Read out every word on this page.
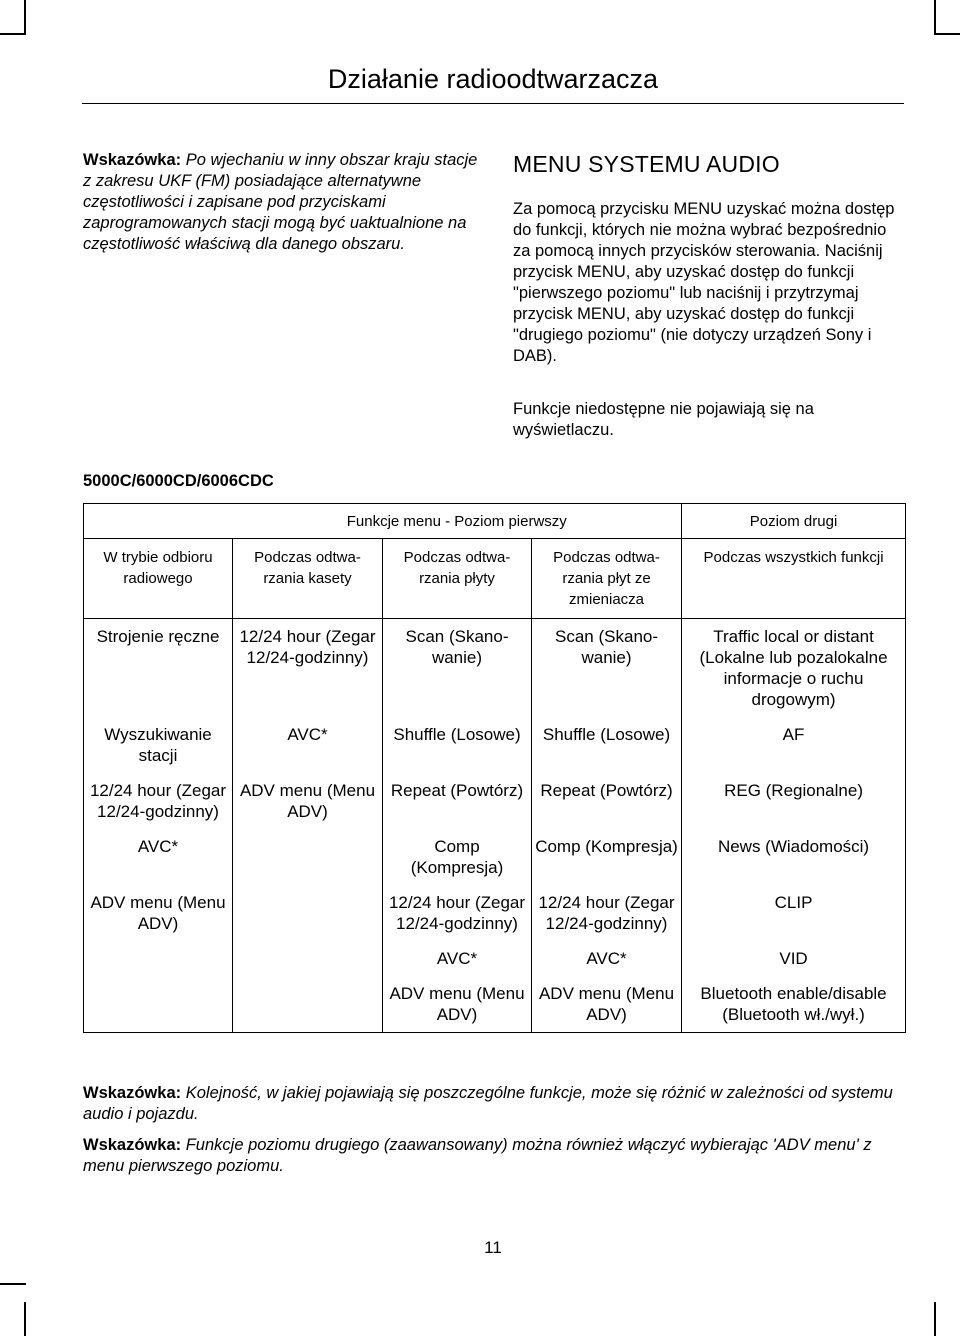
Działanie radioodtwarzacza
Wskazówka: Po wjechaniu w inny obszar kraju stacje z zakresu UKF (FM) posiadające alternatywne częstotliwości i zapisane pod przyciskami zaprogramowanych stacji mogą być uaktualnione na częstotliwość właściwą dla danego obszaru.
MENU SYSTEMU AUDIO
Za pomocą przycisku MENU uzyskać można dostęp do funkcji, których nie można wybrać bezpośrednio za pomocą innych przycisków sterowania. Naciśnij przycisk MENU, aby uzyskać dostęp do funkcji "pierwszego poziomu" lub naciśnij i przytrzymaj przycisk MENU, aby uzyskać dostęp do funkcji "drugiego poziomu" (nie dotyczy urządzeń Sony i DAB).
Funkcje niedostępne nie pojawiają się na wyświetlaczu.
5000C/6000CD/6006CDC
	Funkcje menu - Poziom pierwszy			Poziom drugi
W trybie odbioru radiowego	Podczas odtwa-rzania kasety	Podczas odtwa-rzania płyty	Podczas odtwa-rzania płyt ze zmieniacza	Podczas wszystkich funkcji
Strojenie ręczne	12/24 hour (Zegar 12/24-godzinny)	Scan (Skano-wanie)	Scan (Skano-wanie)	Traffic local or distant (Lokalne lub pozalokalne informacje o ruchu drogowym)
Wyszukiwanie stacji	AVC*	Shuffle (Losowe)	Shuffle (Losowe)	AF
12/24 hour (Zegar 12/24-godzinny)	ADV menu (Menu ADV)	Repeat (Powtórz)	Repeat (Powtórz)	REG (Regionalne)
AVC*		Comp (Kompresja)	Comp (Kompresja)	News (Wiadomości)
ADV menu (Menu ADV)		12/24 hour (Zegar 12/24-godzinny)	12/24 hour (Zegar 12/24-godzinny)	CLIP
		AVC*	AVC*	VID
		ADV menu (Menu ADV)	ADV menu (Menu ADV)	Bluetooth enable/disable (Bluetooth wł./wył.)
Wskazówka: Kolejność, w jakiej pojawiają się poszczególne funkcje, może się różnić w zależności od systemu audio i pojazdu.
Wskazówka: Funkcje poziomu drugiego (zaawansowany) można również włączyć wybierając 'ADV menu' z menu pierwszego poziomu.
11
